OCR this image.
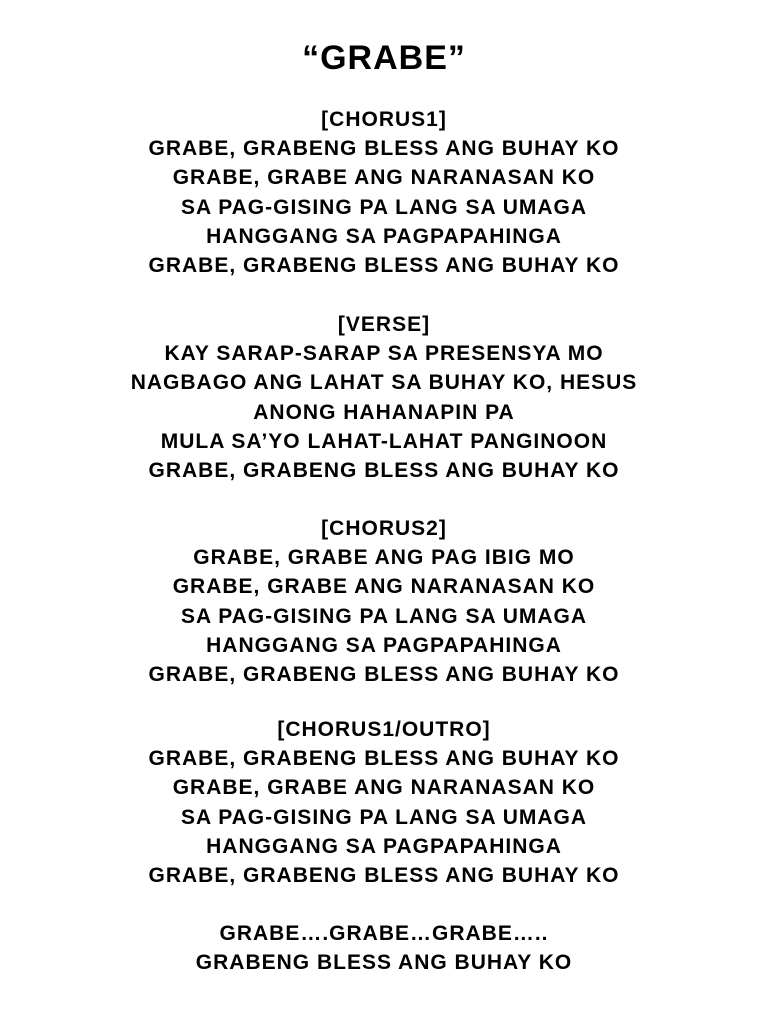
“GRABE”
[CHORUS1]
GRABE, GRABENG BLESS ANG BUHAY KO
GRABE, GRABE ANG NARANASAN KO
SA PAG-GISING PA LANG SA UMAGA
HANGGANG SA PAGPAPAHINGA
GRABE, GRABENG BLESS ANG BUHAY KO
[VERSE]
KAY SARAP-SARAP SA PRESENSYA MO
NAGBAGO ANG LAHAT SA BUHAY KO, HESUS
ANONG HAHANAPIN PA
MULA SA’YO LAHAT-LAHAT PANGINOON
GRABE, GRABENG BLESS ANG BUHAY KO
[CHORUS2]
GRABE, GRABE ANG PAG IBIG MO
GRABE, GRABE ANG NARANASAN KO
SA PAG-GISING PA LANG SA UMAGA
HANGGANG SA PAGPAPAHINGA
GRABE, GRABENG BLESS ANG BUHAY KO
[CHORUS1/OUTRO]
GRABE, GRABENG BLESS ANG BUHAY KO
GRABE, GRABE ANG NARANASAN KO
SA PAG-GISING PA LANG SA UMAGA
HANGGANG SA PAGPAPAHINGA
GRABE, GRABENG BLESS ANG BUHAY KO
GRABE….GRABE…GRABE…..
GRABENG BLESS ANG BUHAY KO
